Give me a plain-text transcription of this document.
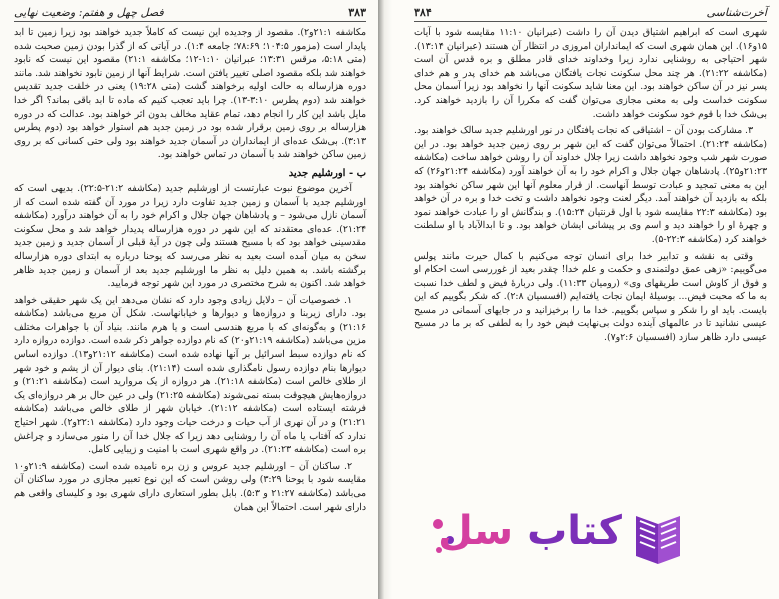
۳۸۳
فصل چهل و هفتم: وضعیت نهایی

مکاشفه ۲۱:۱و۲). مقصود از وجدیده این نیست که کاملاً جدید خواهند بود زیرا زمین تا ابد پایدار است (مزمور ۱۰۴:۵؛ ۷۸:۶۹؛ جامعه ۱:۴). در آیاتی که از گذرا بودن زمین صحبت شده (متی ۵:۱۸، مرقس ۱۳:۳۱؛ عبرانیان ۱:۱۰-۱۲؛ مکاشفه ۲۱:۱) مقصود این نیست که نابود خواهند شد بلکه مقصود اصلی تغییر یافتن است. شرایط آنها از زمین نابود نخواهند شد. مانند دوره هزارساله به حالت اولیه برخواهند گشت (متی ۱۹:۲۸) یعنی در خلقت جدید تقدیس خواهند شد (دوم پطرس ۳:۱۰-۱۳). چرا باید تعجب کنیم که ماده تا ابد باقی بماند؟ اگر خدا مایل باشد این کار را انجام دهد، تمام عقاید مخالف بدون اثر خواهند بود. عدالت که در دوره هزارساله بر روی زمین برقرار شده بود در زمین جدید هم استوار خواهد بود (دوم پطرس ۳:۱۳). بی‌شک عده‌ای از ایمانداران در آسمان جدید خواهند بود ولی حتی کسانی که بر روی زمین ساکن خواهند شد با آسمان در تماس خواهند بود.

ب - اورشلیم جدید

آخرین موضوع نبوت عبارتست از اورشلیم جدید (مکاشفه ۲۱:۲-۲۲:۵). بدیهی است که اورشلیم جدید با آسمان و زمین جدید تفاوت دارد زیرا در مورد آن گفته شده است که از آسمان نازل می‌شود – و پادشاهان جهان جلال و اکرام خود را به آن خواهند درآورد (مکاشفه ۲۱:۲۴). عده‌ای معتقدند که این شهر در دوره هزارساله پدیدار خواهد شد و محل سکونت مقدسینی خواهد بود که با مسیح هستند ولی چون در آیهٔ قبلی از آسمان جدید و زمین جدید سخن به میان آمده است بعید به نظر می‌رسد که یوحنا درباره به ابتدای دوره هزارساله برگشته باشد. به همین دلیل به نظر ما اورشلیم جدید بعد از آسمان و زمین جدید ظاهر خواهد شد. اکنون به شرح مختصری در مورد این شهر توجه فرمایید.

۱. خصوصیات آن – دلایل زیادی وجود دارد که نشان می‌دهد این یک شهر حقیقی خواهد بود. دارای زیربنا و دروازه‌ها و دیوارها و خیابانهاست. شکل آن مربع می‌باشد (مکاشفه ۲۱:۱۶) و به‌گونه‌ای که با مربع هندسی است و یا هرم مانند. بنیاد آن با جواهرات مختلف مزین می‌باشد (مکاشفه ۲۱:۱۹و۲۰) که نام دوازده جواهر ذکر شده است. دوازده دروازه دارد که نام دوازده سبط اسرائیل بر آنها نهاده شده است (مکاشفه ۲۱:۱۲و۱۳). دوازده اساس دیوارها بنام دوازده رسول نامگذاری شده است (۲۱:۱۴). بنای دیوار آن از یشم و خود شهر از طلای خالص است (مکاشفه ۲۱:۱۸). هر دروازه از یک مروارید است (مکاشفه ۲۱:۲۱) و دروازه‌هایش هیچوقت بسته نمی‌شوند (مکاشفه ۲۱:۲۵) ولی در عین حال بر هر دروازه‌ای یک فرشته ایستاده است (مکاشفه ۲۱:۱۲). خیابان شهر از طلای خالص می‌باشد (مکاشفه ۲۱:۲۱) و در آن نهری از آب حیات و درخت حیات وجود دارد (مکاشفه ۲۲:۱و۲). شهر احتیاج ندارد که آفتاب یا ماه آن را روشنایی دهد زیرا که جلال خدا آن را منور می‌سازد و چراغش بره است (مکاشفه ۲۱:۲۳). در واقع شهری است با امنیت و زیبایی کامل.

۲. ساکنان آن – اورشلیم جدید عروس و زن بره نامیده شده است (مکاشفه ۲۱:۹و۱۰ مقایسه شود با یوحنا ۳:۲۹) ولی روشن است که این نوع تعبیر مجازی در مورد ساکنان آن می‌باشد (مکاشفه ۲۱:۲۷ و ۵:۳). بابل بطور استعاری دارای شهری بود و کلیسای واقعی هم دارای شهر است. احتمالاً این همان

آخرت‌شناسی
۳۸۴

شهری است که ابراهیم اشتیاق دیدن آن را داشت (عبرانیان ۱۱:۱۰ مقایسه شود با آیات ۱۵و۱۶). این همان شهری است که ایمانداران امروزی در انتظار آن هستند (عبرانیان ۱۳:۱۴). شهر احتیاجی به روشنایی ندارد زیرا وخداوند خدای قادر مطلق و بره قدس آن است (مکاشفه ۲۱:۲۲). هر چند محل سکونت نجات یافتگان می‌باشد هم خدای پدر و هم خدای پسر نیز در آن ساکن خواهند بود. این معنا شاید سکونت آنها را نخواهد بود زیرا آسمان محل سکونت خداست ولی به معنی مجازی می‌توان گفت که مکررا آن را بازدید خواهند کرد. بی‌شک خدا با قوم خود سکونت خواهد داشت.

۳. مشارکت بودن آن – اشتیاقی که نجات یافتگان در نور اورشلیم جدید سالک خواهند بود. (مکاشفه ۲۱:۲۴). احتمالاً می‌توان گفت که این شهر بر روی زمین جدید خواهد بود. در این صورت شهر شب وجود نخواهد داشت زیرا جلال خداوند آن را روشن خواهد ساخت (مکاشفه ۲۱:۲۳و۲۵). پادشاهان جهان جلال و اکرام خود را به آن خواهند آورد (مکاشفه ۲۱:۲۴و۲۶) که این به معنی تمجید و عبادت توسط آنهاست. از قرار معلوم آنها این شهر ساکن نخواهند بود بلکه به بازدید آن خواهند آمد. دیگر لعنت وجود نخواهد داشت و تخت خدا و بره در آن خواهد بود (مکاشفه ۲۲:۳ مقایسه شود با اول قرنتیان ۱۵:۲۴). و بندگانش او را عبادت خواهند نمود و چهرهٔ او را خواهند دید و اسم وی بر پیشانی ایشان خواهد بود. و تا ابدالآباد با او سلطنت خواهند کرد (مکاشفه ۲۲:۳-۵).

وقتی به نقشه و تدابیر خدا برای انسان توجه می‌کنیم با کمال حیرت مانند پولس می‌گوییم: «زهی عمق دولتمندی و حکمت و علم خدا! چقدر بعید از غوررسی است احکام او و فوق از کاوش است طریقهای وی» (رومیان ۱۱:۳۳). ولی دربارهٔ فیض و لطف خدا نسبت به ما که محبت فیض... بوسیلهٔ ایمان نجات یافته‌ایم (افسسیان ۲:۸). که شکر بگوییم که این بایست. باید او را شکر و سپاس بگوییم. خدا ما را برخیزانید و در جایهای آسمانی در مسیح عیسی نشانید تا در عالمهای آینده دولت بی‌نهایت فیض خود را به لطفی که بر ما در مسیح عیسی دارد ظاهر سازد (افسسیان ۲:۶و۷).

کتاب سل
